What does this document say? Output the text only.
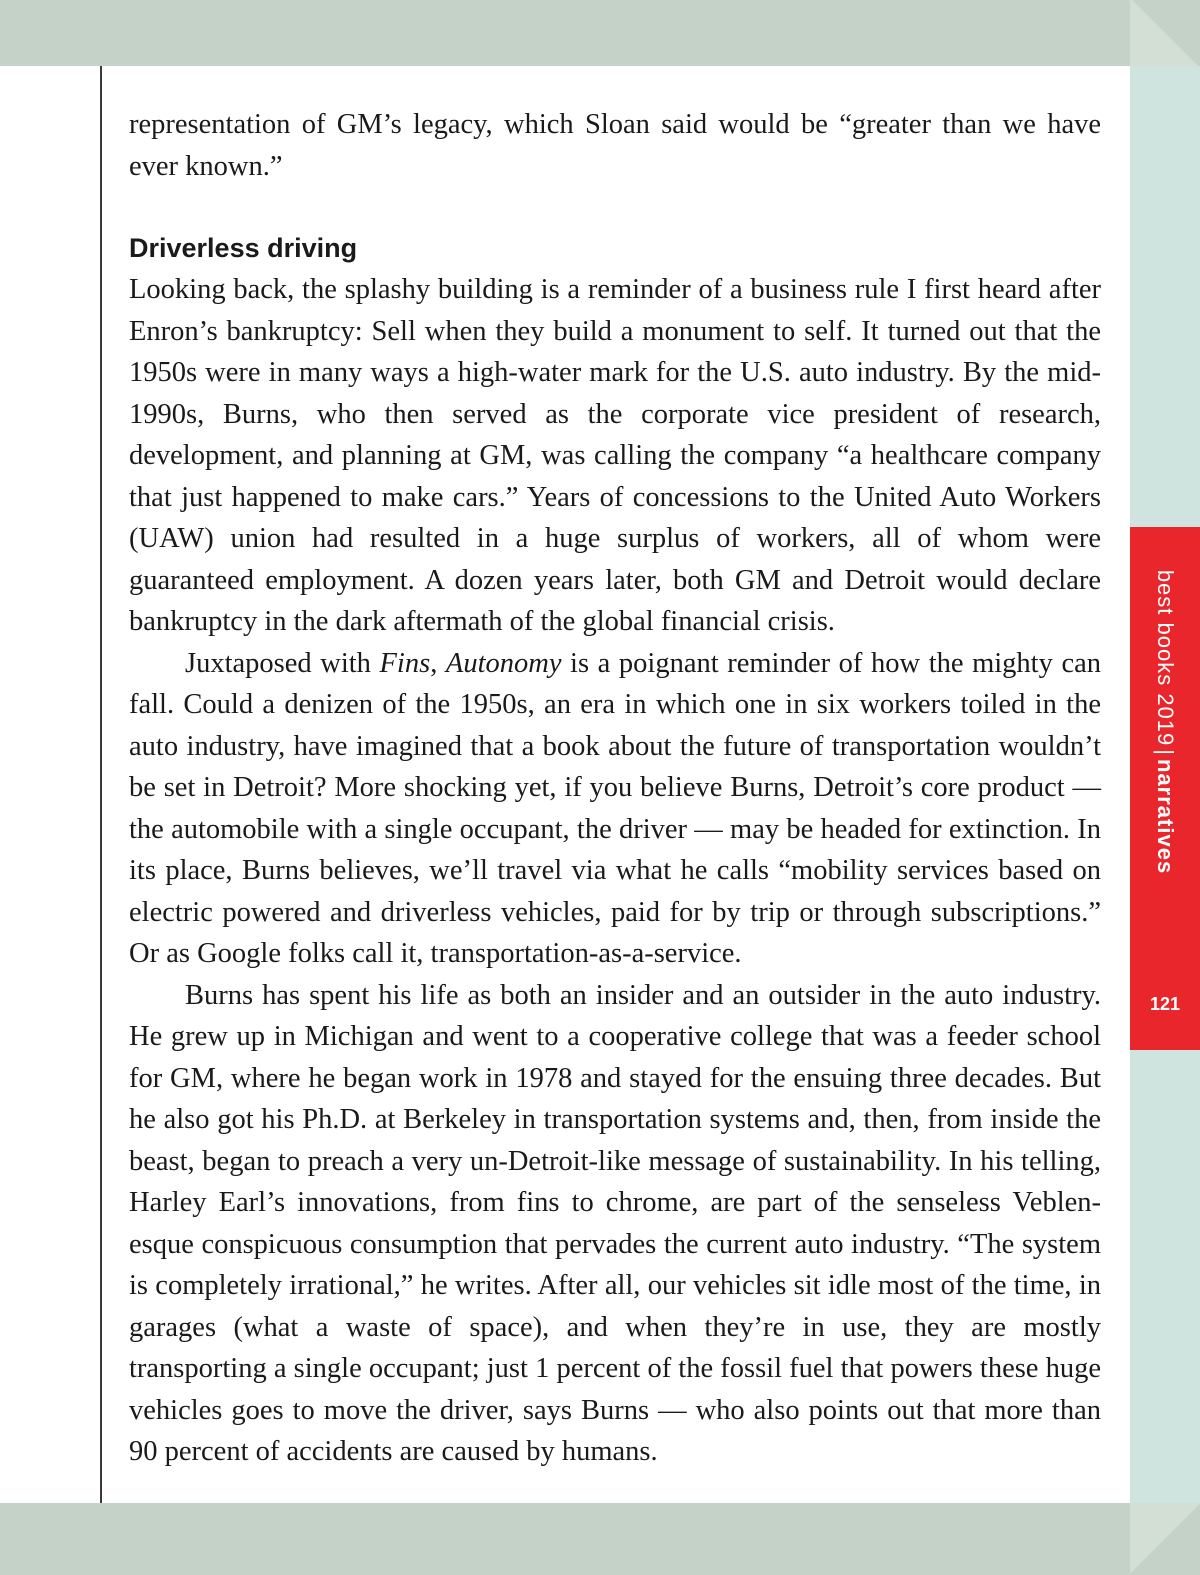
best books 2019|narratives
121

representation of GM’s legacy, which Sloan said would be “greater than we have ever known.”

Driverless driving

Looking back, the splashy building is a reminder of a business rule I first heard after Enron’s bankruptcy: Sell when they build a monument to self. It turned out that the 1950s were in many ways a high-water mark for the U.S. auto industry. By the mid-1990s, Burns, who then served as the corporate vice president of research, development, and planning at GM, was calling the company “a healthcare company that just happened to make cars.” Years of concessions to the United Auto Workers (UAW) union had resulted in a huge surplus of workers, all of whom were guaranteed employment. A dozen years later, both GM and Detroit would declare bankruptcy in the dark aftermath of the global financial crisis.

Juxtaposed with Fins, Autonomy is a poignant reminder of how the mighty can fall. Could a denizen of the 1950s, an era in which one in six workers toiled in the auto industry, have imagined that a book about the future of transportation wouldn’t be set in Detroit? More shocking yet, if you believe Burns, Detroit’s core product — the automobile with a single occupant, the driver — may be headed for extinction. In its place, Burns believes, we’ll travel via what he calls “mobility services based on electric powered and driverless vehicles, paid for by trip or through subscriptions.” Or as Google folks call it, transportation-as-a-service.

Burns has spent his life as both an insider and an outsider in the auto industry. He grew up in Michigan and went to a cooperative college that was a feeder school for GM, where he began work in 1978 and stayed for the ensuing three decades. But he also got his Ph.D. at Berkeley in transportation systems and, then, from inside the beast, began to preach a very un-Detroit-like message of sustainability. In his telling, Harley Earl’s innovations, from fins to chrome, are part of the senseless Veblen-esque conspicuous consumption that pervades the current auto industry. “The system is completely irrational,” he writes. After all, our vehicles sit idle most of the time, in garages (what a waste of space), and when they’re in use, they are mostly transporting a single occupant; just 1 percent of the fossil fuel that powers these huge vehicles goes to move the driver, says Burns — who also points out that more than 90 percent of accidents are caused by humans.
